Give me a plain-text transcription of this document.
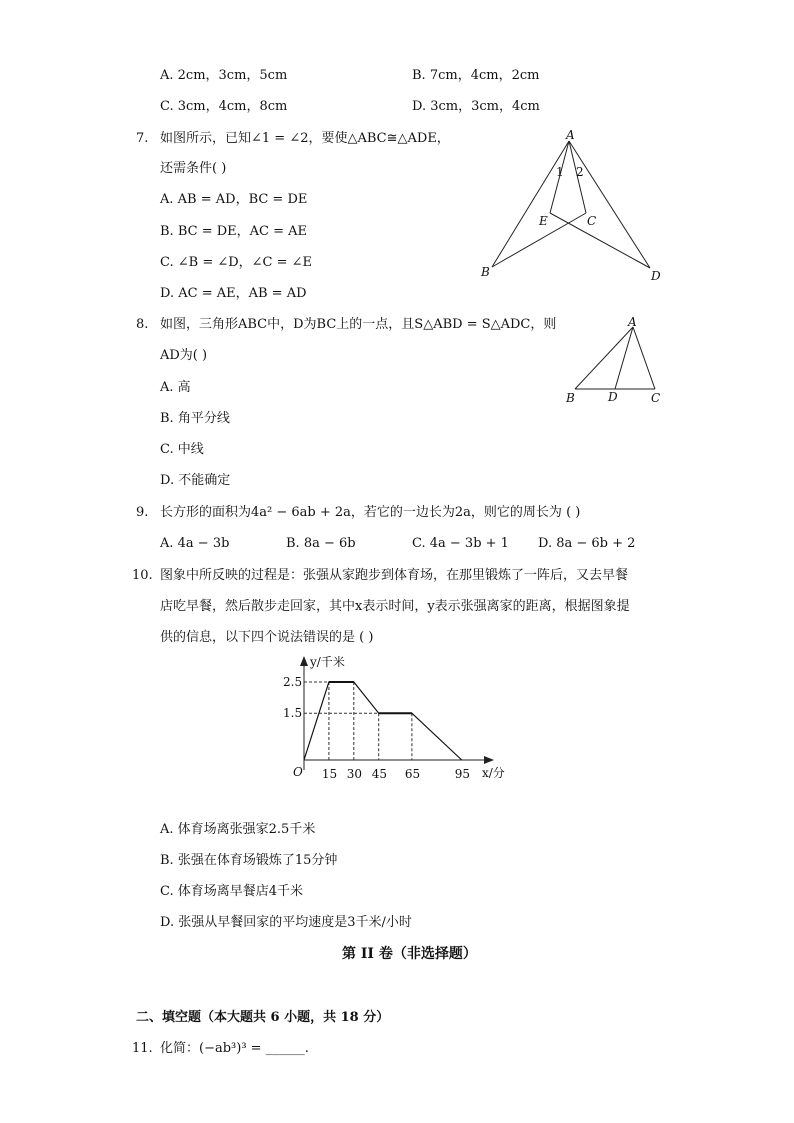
A. 2cm，3cm，5cm	B. 7cm，4cm，2cm
C. 3cm，4cm，8cm	D. 3cm，3cm，4cm
7. 如图所示，已知∠1 = ∠2，要使△ABC≅△ADE，
还需条件( )
A. AB = AD，BC = DE
B. BC = DE，AC = AE
C. ∠B = ∠D，∠C = ∠E
D. AC = AE，AB = AD
A
B
C
D
E
1 2
8. 如图，三角形ABC中，D为BC上的一点，且S△ABD = S△ADC，则
AD为( )
A. 高
B. 角平分线
C. 中线
D. 不能确定
A
B	D	C
9. 长方形的面积为4a² − 6ab + 2a，若它的一边长为2a，则它的周长为 ( )
A. 4a − 3b	B. 8a − 6b	C. 4a − 3b + 1 D. 8a − 6b + 2
10. 图象中所反映的过程是：张强从家跑步到体育场，在那里锻炼了一阵后，又去早餐
店吃早餐，然后散步走回家，其中x表示时间，y表示张强离家的距离，根据图象提
供的信息，以下四个说法错误的是 ( )
2.5
1.5
15 30 45 65	95
y/千米
x/分
O
A. 体育场离张强家2.5千米
B. 张强在体育场锻炼了15分钟
C. 体育场离早餐店4千米
D. 张强从早餐回家的平均速度是3千米/小时
第 II 卷（非选择题）
二、填空题（本大题共 6 小题，共 18 分）
11. 化简：(−ab³)³ = ______.
